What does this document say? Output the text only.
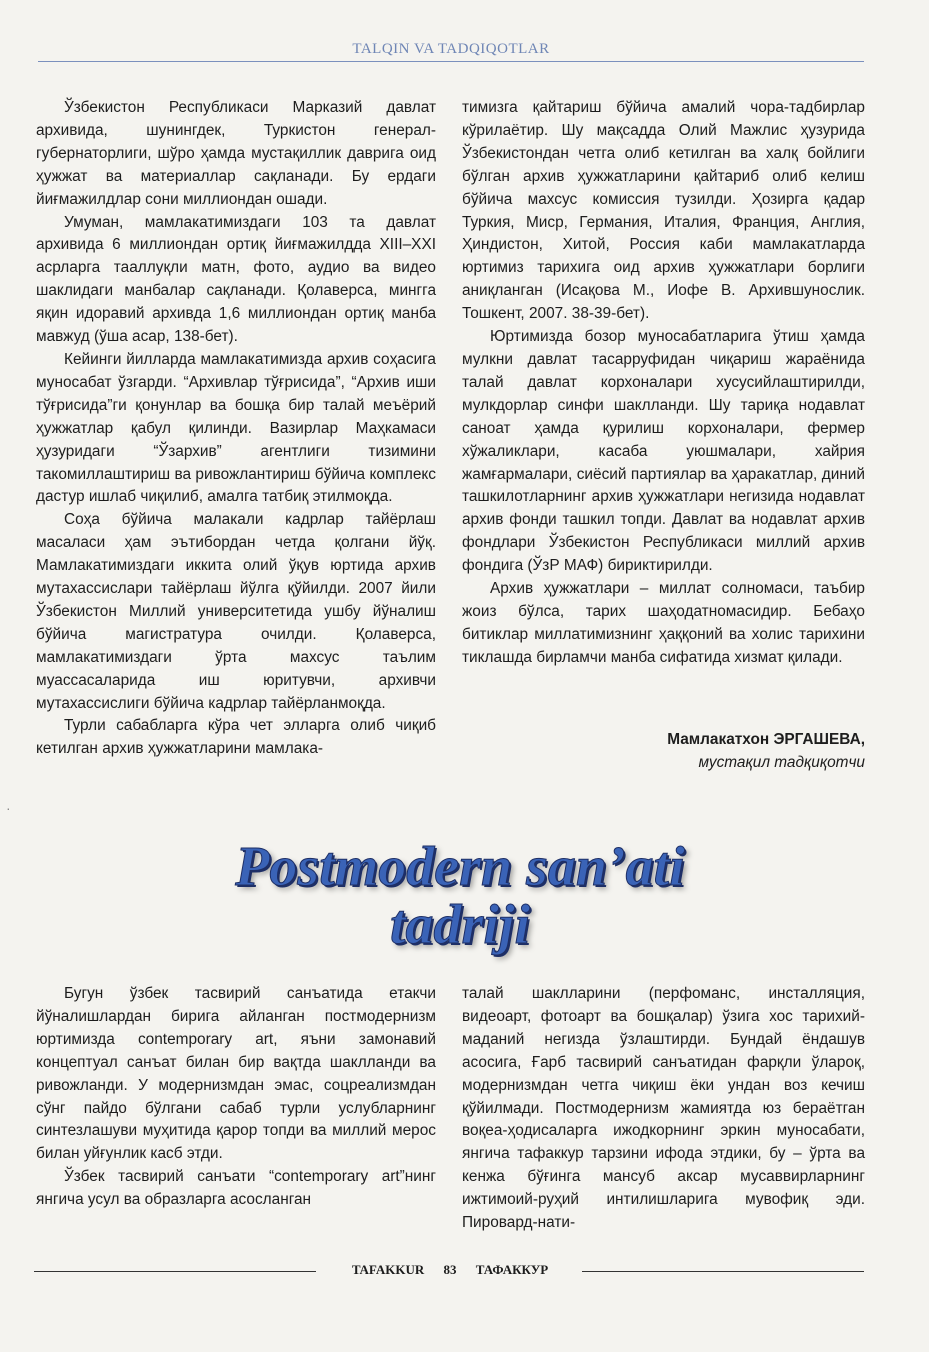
TALQIN VA TADQIQOTLAR

Ўзбекистон Республикаси Марказий давлат архивида, шунингдек, Туркистон генерал-губернаторлиги, шўро ҳамда мустақиллик даврига оид ҳужжат ва материаллар сақланади. Бу ердаги йиғмажилдлар сони миллиондан ошади.

Умуман, мамлакатимиздаги 103 та давлат архивида 6 миллиондан ортиқ йиғмажилдда XIII–XXI асрларга тааллуқли матн, фото, аудио ва видео шаклидаги манбалар сақланади. Қолаверса, мингга яқин идоравий архивда 1,6 миллиондан ортиқ манба мавжуд (ўша асар, 138-бет).

Кейинги йилларда мамлакатимизда архив соҳасига муносабат ўзгарди. “Архивлар тўғрисида”, “Архив иши тўғрисида”ги қонунлар ва бошқа бир талай меъёрий ҳужжатлар қабул қилинди. Вазирлар Маҳкамаси ҳузуридаги “Ўзархив” агентлиги тизимини такомиллаштириш ва ривожлантириш бўйича комплекс дастур ишлаб чиқилиб, амалга татбиқ этилмоқда.

Соҳа бўйича малакали кадрлар тайёрлаш масаласи ҳам эътибордан четда қолгани йўқ. Мамлакатимиздаги иккита олий ўқув юртида архив мутахассислари тайёрлаш йўлга қўйилди. 2007 йили Ўзбекистон Миллий университетида ушбу йўналиш бўйича магистратура очилди. Қолаверса, мамлакатимиздаги ўрта махсус таълим муассасаларида иш юритувчи, архивчи мутахассислиги бўйича кадрлар тайёрланмоқда.

Турли сабабларга кўра чет элларга олиб чиқиб кетилган архив ҳужжатларини мамлака-

тимизга қайтариш бўйича амалий чора-тадбирлар кўрилаётир. Шу мақсадда Олий Мажлис ҳузурида Ўзбекистондан четга олиб кетилган ва халқ бойлиги бўлган архив ҳужжатларини қайтариб олиб келиш бўйича махсус комиссия тузилди. Ҳозирга қадар Туркия, Миср, Германия, Италия, Франция, Англия, Ҳиндистон, Хитой, Россия каби мамлакатларда юртимиз тарихига оид архив ҳужжатлари борлиги аниқланган (Исақова М., Иофе В. Архившунослик. Тошкент, 2007. 38-39-бет).

Юртимизда бозор муносабатларига ўтиш ҳамда мулкни давлат тасарруфидан чиқариш жараёнида талай давлат корхоналари хусусийлаштирилди, мулкдорлар синфи шаклланди. Шу тариқа нодавлат саноат ҳамда қурилиш корхоналари, фермер хўжаликлари, касаба уюшмалари, хайрия жамғармалари, сиёсий партиялар ва ҳаракатлар, диний ташкилотларнинг архив ҳужжатлари негизида нодавлат архив фонди ташкил топди. Давлат ва нодавлат архив фондлари Ўзбекистон Республикаси миллий архив фондига (ЎзР МАФ) бириктирилди.

Архив ҳужжатлари – миллат солномаси, таъбир жоиз бўлса, тарих шаҳодатномасидир. Бебаҳо битиклар миллатимизнинг ҳаққоний ва холис тарихини тиклашда бирламчи манба сифатида хизмат қилади.

Мамлакатхон ЭРГАШЕВА,
мустақил тадқиқотчи
·
Postmodern san’ati
tadriji

Бугун ўзбек тасвирий санъатида етакчи йўналишлардан бирига айланган постмодернизм юртимизда contemporary art, яъни замонавий концептуал санъат билан бир вақтда шаклланди ва ривожланди. У модернизмдан эмас, соцреализмдан сўнг пайдо бўлгани сабаб турли услубларнинг синтезлашуви муҳитида қарор топди ва миллий мерос билан уйғунлик касб этди.

Ўзбек тасвирий санъати “contemporary art”нинг янгича усул ва образларга асосланган

талай шаклларини (перфоманс, инсталляция, видеоарт, фотоарт ва бошқалар) ўзига хос тарихий-маданий негизда ўзлаштирди. Бундай ёндашув асосига, Ғарб тасвирий санъатидан фарқли ўлароқ, модернизмдан четга чиқиш ёки ундан воз кечиш қўйилмади. Постмодернизм жамиятда юз бераётган воқеа-ҳодисаларга ижодкорнинг эркин муносабати, янгича тафаккур тарзини ифода этдики, бу – ўрта ва кенжа бўғинга мансуб аксар мусаввирларнинг ижтимоий-руҳий интилишларига мувофиқ эди. Пировард-нати-

TAFAKKUR 83 ТАФАККУР
